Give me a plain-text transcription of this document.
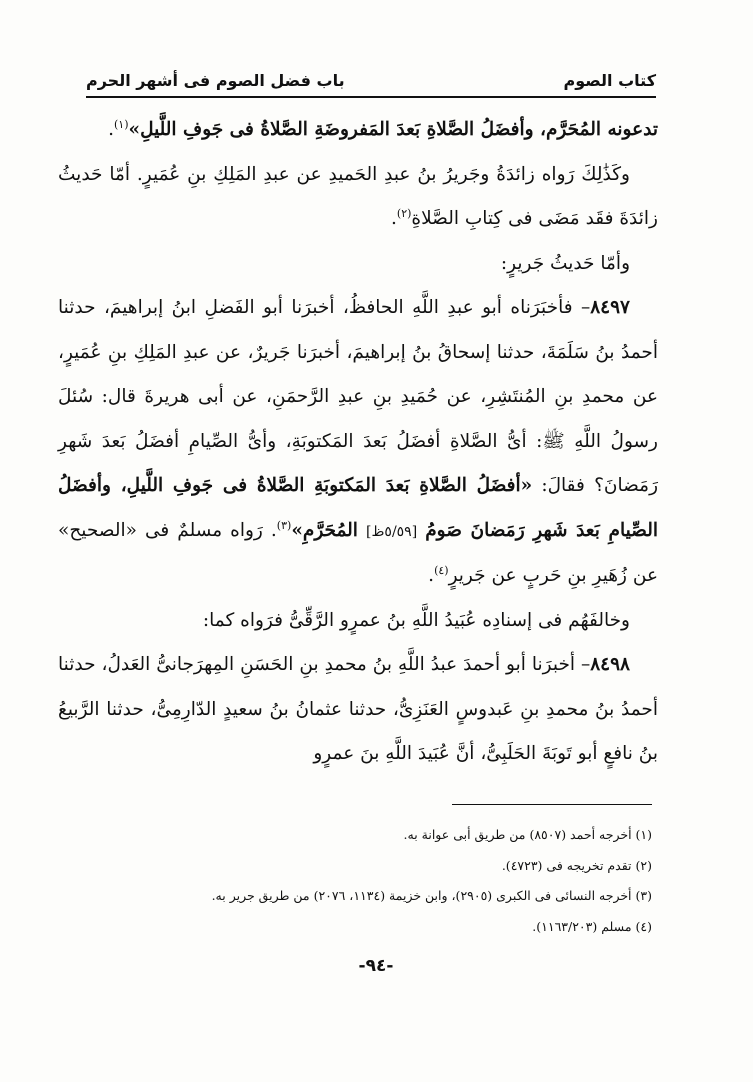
كتاب الصوم
باب فضل الصوم فى أشهر الحرم

تدعونه المُحَرَّم، وأفضَلُ الصَّلاةِ بَعدَ المَفروضَةِ الصَّلاةُ فى جَوفِ اللَّيلِ»$^{(١)}$.

وكَذَٰلِكَ رَواه زائدَةُ وجَريرُ بنُ عبدِ الحَميدِ عن عبدِ المَلِكِ بنِ عُمَيرٍ. أمّا حَديثُ زائدَةَ فقَد مَضَى فى كِتابِ الصَّلاةِ$^{(٢)}$.

وأمّا حَديثُ جَريرٍ:

٨٤٩٧– فأخبَرَناه أبو عبدِ اللَّهِ الحافظُ، أخبرَنا أبو الفَضلِ ابنُ إبراهيمَ، حدثنا أحمدُ بنُ سَلَمَةَ، حدثنا إسحاقُ بنُ إبراهيمَ، أخبرَنا جَريرٌ، عن عبدِ المَلِكِ بنِ عُمَيرٍ، عن محمدِ بنِ المُنتَشِرِ، عن حُمَيدِ بنِ عبدِ الرَّحمَنِ، عن أبى هريرةَ قال: سُئلَ رسولُ اللَّهِ ﷺ: أىُّ الصَّلاةِ أفضَلُ بَعدَ المَكتوبَةِ، وأىُّ الصِّيامِ أفضَلُ بَعدَ شَهرِ رَمَضانَ؟ فقالَ: «أفضَلُ الصَّلاةِ بَعدَ المَكتوبَةِ الصَّلاةُ فى جَوفِ اللَّيلِ، وأفضَلُ الصِّيامِ بَعدَ شَهرِ رَمَضانَ صَومُ [٥/٥٩ظ] المُحَرَّمِ»$^{(٣)}$. رَواه مسلمٌ فى «الصحيح» عن زُهَيرِ بنِ حَربٍ عن جَريرٍ$^{(٤)}$.

وخالفَهُم فى إسنادِه عُبَيدُ اللَّهِ بنُ عمرٍو الرَّقِّىُّ فرَواه كما:

٨٤٩٨– أخبرَنا أبو أحمدَ عبدُ اللَّهِ بنُ محمدِ بنِ الحَسَنِ المِهرَجانىُّ العَدلُ، حدثنا أحمدُ بنُ محمدِ بنِ عَبدوسٍ العَنَزِىُّ، حدثنا عثمانُ بنُ سعيدٍ الدّارِمِىُّ، حدثنا الرَّبيعُ بنُ نافعٍ أبو تَوبَةَ الحَلَبِىُّ، أنَّ عُبَيدَ اللَّهِ بنَ عمرٍو

(١) أخرجه أحمد (٨٥٠٧) من طريق أبى عوانة به.
(٢) تقدم تخريجه فى (٤٧٢٣).
(٣) أخرجه النسائى فى الكبرى (٢٩٠٥)، وابن خزيمة (١١٣٤، ٢٠٧٦) من طريق جرير به.
(٤) مسلم (١١٦٣/٢٠٣).
-٩٤-
